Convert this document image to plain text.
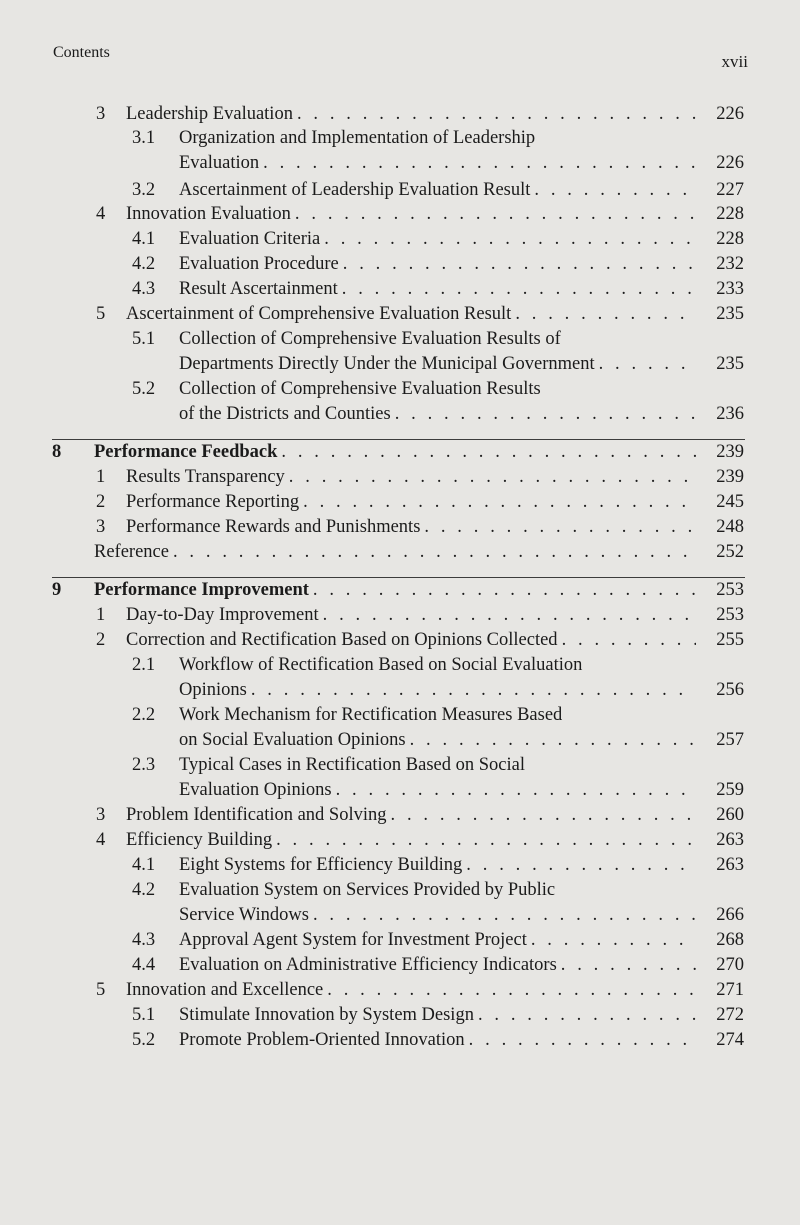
Contents	xvii
3 Leadership Evaluation . . .	226
3.1 Organization and Implementation of Leadership
Evaluation . . .	226
3.2 Ascertainment of Leadership Evaluation Result . . .	227
4 Innovation Evaluation . . .	228
4.1 Evaluation Criteria . . .	228
4.2 Evaluation Procedure . . .	232
4.3 Result Ascertainment . . .	233
5 Ascertainment of Comprehensive Evaluation Result . . .	235
5.1 Collection of Comprehensive Evaluation Results of
Departments Directly Under the Municipal Government . . .	235
5.2 Collection of Comprehensive Evaluation Results
of the Districts and Counties . . .	236
8 Performance Feedback . . .	239
1 Results Transparency . . .	239
2 Performance Reporting . . .	245
3 Performance Rewards and Punishments . . .	248
Reference . . .	252
9 Performance Improvement . . .	253
1 Day-to-Day Improvement . . .	253
2 Correction and Rectification Based on Opinions Collected . . .	255
2.1 Workflow of Rectification Based on Social Evaluation
Opinions . . .	256
2.2 Work Mechanism for Rectification Measures Based
on Social Evaluation Opinions . . .	257
2.3 Typical Cases in Rectification Based on Social
Evaluation Opinions . . .	259
3 Problem Identification and Solving . . .	260
4 Efficiency Building . . .	263
4.1 Eight Systems for Efficiency Building . . .	263
4.2 Evaluation System on Services Provided by Public
Service Windows . . .	266
4.3 Approval Agent System for Investment Project . . .	268
4.4 Evaluation on Administrative Efficiency Indicators . . .	270
5 Innovation and Excellence . . .	271
5.1 Stimulate Innovation by System Design . . .	272
5.2 Promote Problem-Oriented Innovation . . .	274
